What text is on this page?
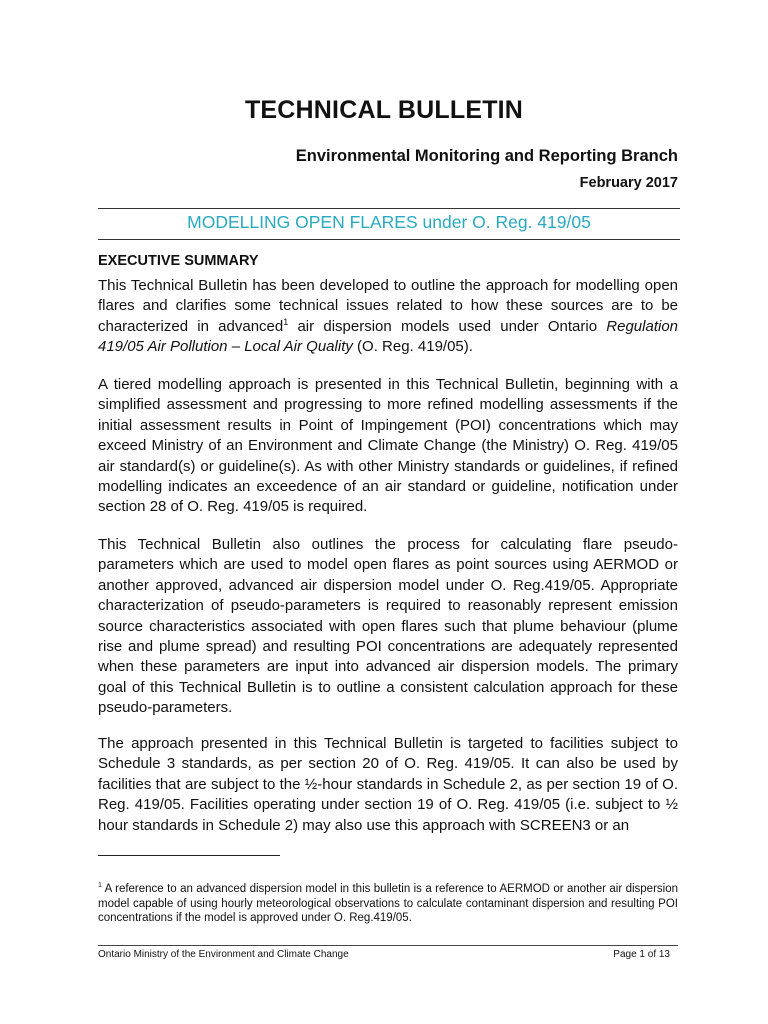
TECHNICAL BULLETIN
Environmental Monitoring and Reporting Branch
February 2017
MODELLING OPEN FLARES under O. Reg. 419/05
EXECUTIVE SUMMARY

This Technical Bulletin has been developed to outline the approach for modelling open flares and clarifies some technical issues related to how these sources are to be characterized in advanced$^1$ air dispersion models used under Ontario Regulation 419/05 Air Pollution – Local Air Quality (O. Reg. 419/05).

A tiered modelling approach is presented in this Technical Bulletin, beginning with a simplified assessment and progressing to more refined modelling assessments if the initial assessment results in Point of Impingement (POI) concentrations which may exceed Ministry of an Environment and Climate Change (the Ministry) O. Reg. 419/05 air standard(s) or guideline(s). As with other Ministry standards or guidelines, if refined modelling indicates an exceedence of an air standard or guideline, notification under section 28 of O. Reg. 419/05 is required.

This Technical Bulletin also outlines the process for calculating flare pseudo-parameters which are used to model open flares as point sources using AERMOD or another approved, advanced air dispersion model under O. Reg.419/05. Appropriate characterization of pseudo-parameters is required to reasonably represent emission source characteristics associated with open flares such that plume behaviour (plume rise and plume spread) and resulting POI concentrations are adequately represented when these parameters are input into advanced air dispersion models. The primary goal of this Technical Bulletin is to outline a consistent calculation approach for these pseudo-parameters.

The approach presented in this Technical Bulletin is targeted to facilities subject to Schedule 3 standards, as per section 20 of O. Reg. 419/05. It can also be used by facilities that are subject to the ½-hour standards in Schedule 2, as per section 19 of O. Reg. 419/05. Facilities operating under section 19 of O. Reg. 419/05 (i.e. subject to ½ hour standards in Schedule 2) may also use this approach with SCREEN3 or an

$^1$ A reference to an advanced dispersion model in this bulletin is a reference to AERMOD or another air dispersion model capable of using hourly meteorological observations to calculate contaminant dispersion and resulting POI concentrations if the model is approved under O. Reg.419/05.
Ontario Ministry of the Environment and Climate Change	Page 1 of 13
